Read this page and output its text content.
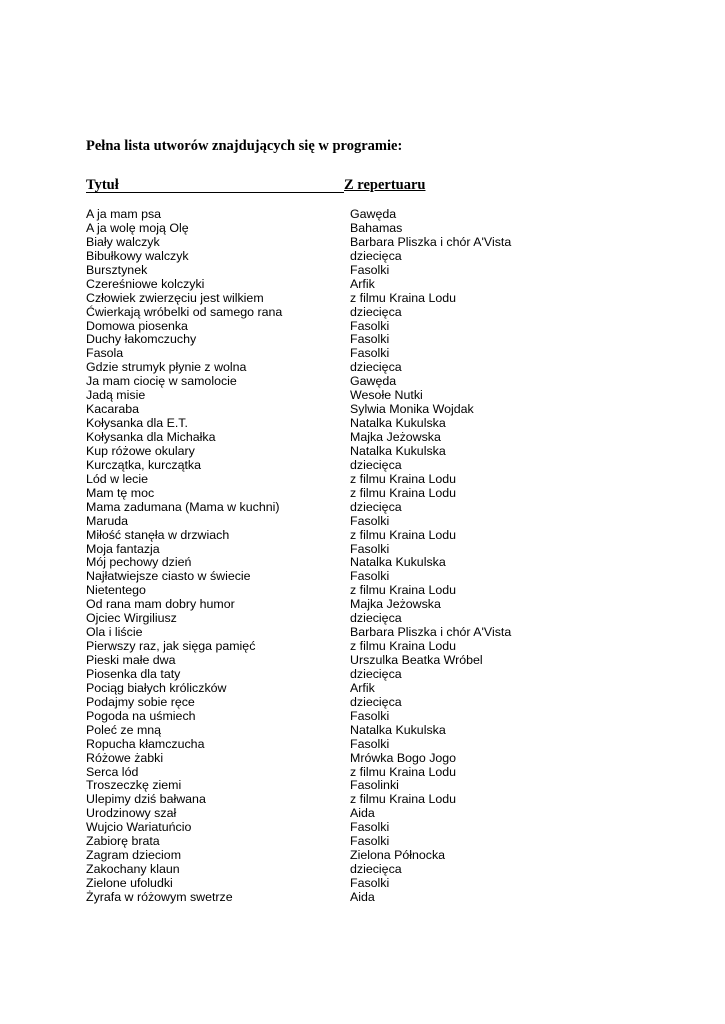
Pełna lista utworów znajdujących się w programie:
Tytuł	Z repertuaru
A ja mam psa	Gawęda
A ja wolę moją Olę	Bahamas
Biały walczyk	Barbara Pliszka i chór A'Vista
Bibułkowy walczyk	dziecięca
Bursztynek	Fasolki
Czereśniowe kolczyki	Arfik
Człowiek zwierzęciu jest wilkiem	z filmu Kraina Lodu
Ćwierkają wróbelki od samego rana	dziecięca
Domowa piosenka	Fasolki
Duchy łakomczuchy	Fasolki
Fasola	Fasolki
Gdzie strumyk płynie z wolna	dziecięca
Ja mam ciocię w samolocie	Gawęda
Jadą misie	Wesołe Nutki
Kacaraba	Sylwia Monika Wojdak
Kołysanka dla E.T.	Natalka Kukulska
Kołysanka dla Michałka	Majka Jeżowska
Kup różowe okulary	Natalka Kukulska
Kurczątka, kurczątka	dziecięca
Lód w lecie	z filmu Kraina Lodu
Mam tę moc	z filmu Kraina Lodu
Mama zadumana (Mama w kuchni)	dziecięca
Maruda	Fasolki
Miłość stanęła w drzwiach	z filmu Kraina Lodu
Moja fantazja	Fasolki
Mój pechowy dzień	Natalka Kukulska
Najłatwiejsze ciasto w świecie	Fasolki
Nietentego	z filmu Kraina Lodu
Od rana mam dobry humor	Majka Jeżowska
Ojciec Wirgiliusz	dziecięca
Ola i liście	Barbara Pliszka i chór A'Vista
Pierwszy raz, jak sięga pamięć	z filmu Kraina Lodu
Pieski małe dwa	Urszulka Beatka Wróbel
Piosenka dla taty	dziecięca
Pociąg białych króliczków	Arfik
Podajmy sobie ręce	dziecięca
Pogoda na uśmiech	Fasolki
Poleć ze mną	Natalka Kukulska
Ropucha kłamczucha	Fasolki
Różowe żabki	Mrówka Bogo Jogo
Serca lód	z filmu Kraina Lodu
Troszeczkę ziemi	Fasolinki
Ulepimy dziś bałwana	z filmu Kraina Lodu
Urodzinowy szał	Aida
Wujcio Wariatuńcio	Fasolki
Zabiorę brata	Fasolki
Zagram dzieciom	Zielona Północka
Zakochany klaun	dziecięca
Zielone ufoludki	Fasolki
Żyrafa w różowym swetrze	Aida
